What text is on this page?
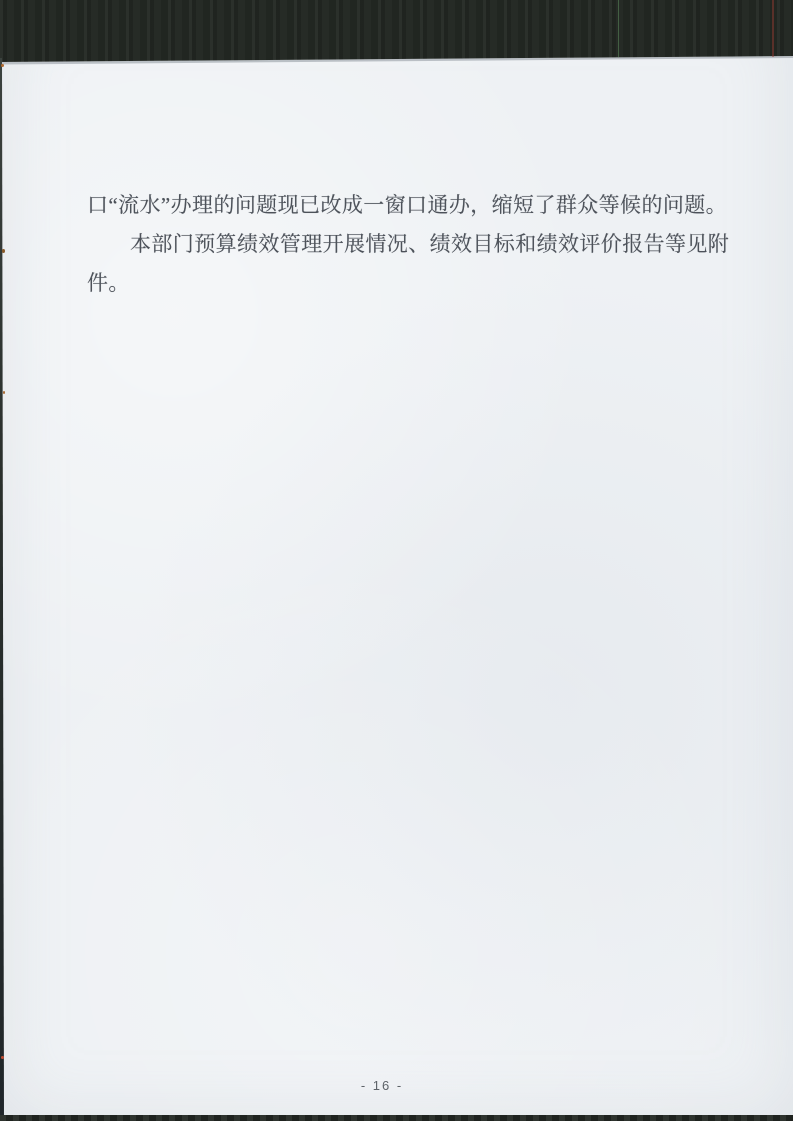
口“流水”办理的问题现已改成一窗口通办，缩短了群众等候的问题。
本部门预算绩效管理开展情况、绩效目标和绩效评价报告等见附
件。
- 16 -
